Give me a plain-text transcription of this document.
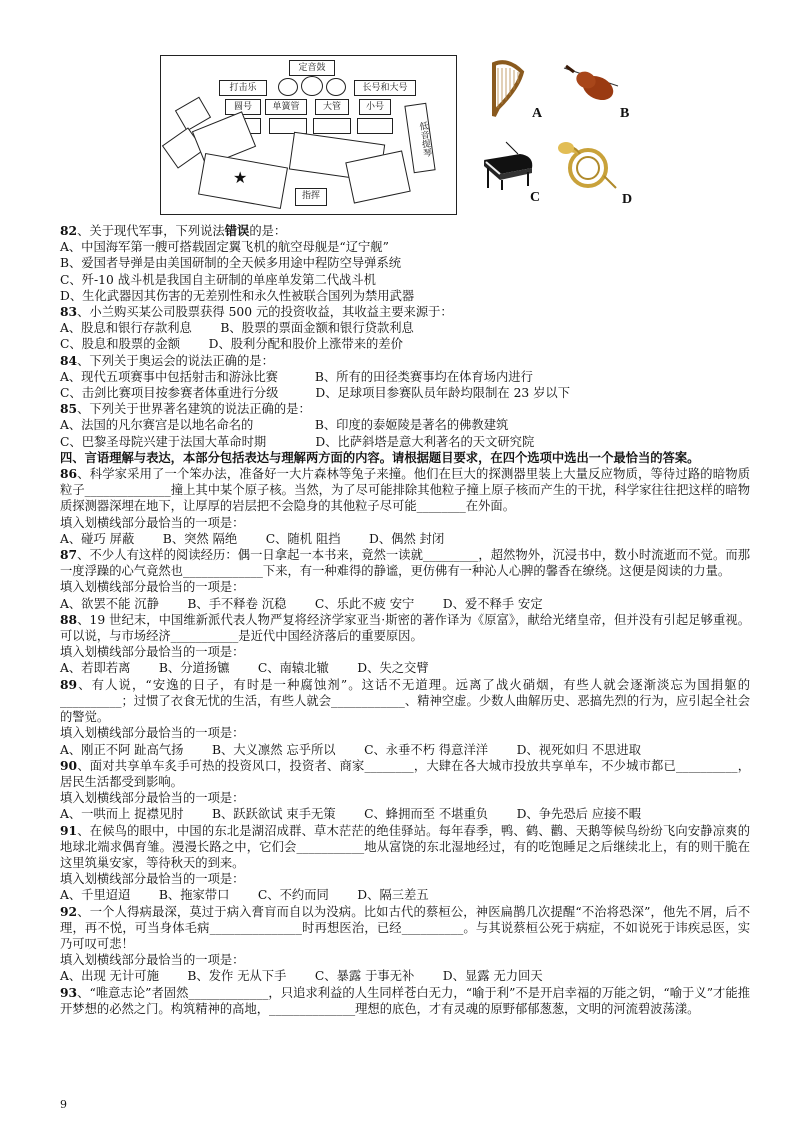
定音鼓
打击乐	长号和大号
圆号	单簧管	大管	小号
低音提琴
★
指挥
A	B
C	D

82、关于现代军事，下列说法错误的是：

A、中国海军第一艘可搭载固定翼飞机的航空母舰是“辽宁舰”

B、爱国者导弹是由美国研制的全天候多用途中程防空导弹系统

C、歼-10 战斗机是我国自主研制的单座单发第二代战斗机

D、生化武器因其伤害的无差别性和永久性被联合国列为禁用武器

83、小兰购买某公司股票获得 500 元的投资收益，其收益主要来源于：

A、股息和银行存款利息　　 B、股票的票面金额和银行贷款利息

C、股息和股票的金额　　 D、股利分配和股价上涨带来的差价

84、下列关于奥运会的说法正确的是：

A、现代五项赛事中包括射击和游泳比赛　　　B、所有的田径类赛事均在体育场内进行

C、击剑比赛项目按参赛者体重进行分级　　　D、足球项目参赛队员年龄均限制在 23 岁以下

85、下列关于世界著名建筑的说法正确的是：

A、法国的凡尔赛宫是以地名命名的　　　　　B、印度的泰姬陵是著名的佛教建筑

C、巴黎圣母院兴建于法国大革命时期　　　　D、比萨斜塔是意大利著名的天文研究院

四、言语理解与表达，本部分包括表达与理解两方面的内容。请根据题目要求，在四个选项中选出一个最恰当的答案。

86、科学家采用了一个笨办法，准备好一大片森林等兔子来撞。他们在巨大的探测器里装上大量反应物质，等待过路的暗物质粒子______________撞上其中某个原子核。当然，为了尽可能排除其他粒子撞上原子核而产生的干扰，科学家往往把这样的暗物质探测器深埋在地下，让厚厚的岩层把不会隐身的其他粒子尽可能________在外面。

填入划横线部分最恰当的一项是：

A、碰巧 屏蔽　　 B、突然 隔绝　　 C、随机 阻挡　　 D、偶然 封闭

87、不少人有这样的阅读经历：偶一日拿起一本书来，竟然一读就_________，超然物外，沉浸书中，数小时流逝而不觉。而那一度浮躁的心气竟然也_____________下来，有一种难得的静谧，更仿佛有一种沁人心脾的馨香在缭绕。这便是阅读的力量。

填入划横线部分最恰当的一项是：

A、欲罢不能 沉静　　 B、手不释卷 沉稳　　 C、乐此不疲 安宁　　 D、爱不释手 安定

88、19 世纪末，中国维新派代表人物严复将经济学家亚当·斯密的著作译为《原富》，献给光绪皇帝，但并没有引起足够重视。可以说，与市场经济___________是近代中国经济落后的重要原因。

填入划横线部分最恰当的一项是：

A、若即若离　　 B、分道扬镳　　 C、南辕北辙　　 D、失之交臂

89、有人说，“安逸的日子，有时是一种腐蚀剂”。这话不无道理。远离了战火硝烟，有些人就会逐渐淡忘为国捐躯的__________；过惯了衣食无忧的生活，有些人就会____________、精神空虚。少数人曲解历史、恶搞先烈的行为，应引起全社会的警觉。

填入划横线部分最恰当的一项是：

A、刚正不阿 趾高气扬　　 B、大义凛然 忘乎所以　　 C、永垂不朽 得意洋洋　　 D、视死如归 不思进取

90、面对共享单车炙手可热的投资风口，投资者、商家________，大肆在各大城市投放共享单车，不少城市都已__________，居民生活都受到影响。

填入划横线部分最恰当的一项是：

A、一哄而上 捉襟见肘　　 B、跃跃欲试 束手无策　　 C、蜂拥而至 不堪重负　　 D、争先恐后 应接不暇

91、在候鸟的眼中，中国的东北是湖沼成群、草木茫茫的绝佳驿站。每年春季，鸭、鹤、鹳、天鹅等候鸟纷纷飞向安静凉爽的地球北端求偶育雏。漫漫长路之中，它们会___________地从富饶的东北湿地经过，有的吃饱睡足之后继续北上，有的则干脆在这里筑巢安家，等待秋天的到来。

填入划横线部分最恰当的一项是：

A、千里迢迢　　 B、拖家带口　　 C、不约而同　　 D、隔三差五

92、一个人得病最深，莫过于病入膏肓而自以为没病。比如古代的蔡桓公，神医扁鹊几次提醒“不治将恐深”，他先不屑，后不理，再不悦，可当身体毛病_______________时再想医治，已经__________。与其说蔡桓公死于病症，不如说死于讳疾忌医，实乃可叹可悲！

填入划横线部分最恰当的一项是：

A、出现 无计可施　　 B、发作 无从下手　　 C、暴露 于事无补　　 D、显露 无力回天

93、“唯意志论”者固然_____________，只追求利益的人生同样苍白无力，“喻于利”不是开启幸福的万能之钥，“喻于义”才能推开梦想的必然之门。构筑精神的高地，______________理想的底色，才有灵魂的原野郁郁葱葱，文明的河流碧波荡漾。

9
